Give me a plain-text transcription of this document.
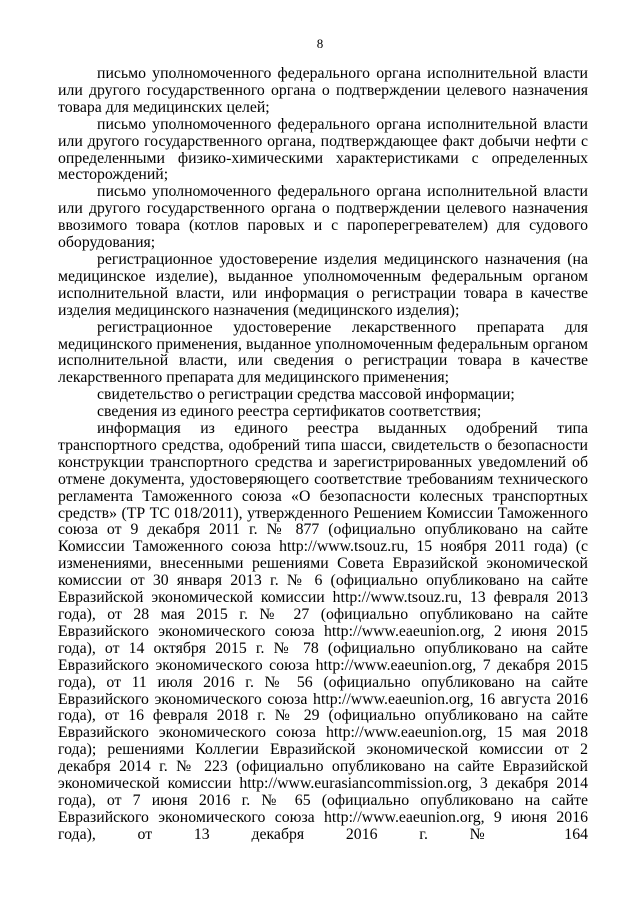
8

письмо уполномоченного федерального органа исполнительной власти или другого государственного органа о подтверждении целевого назначения товара для медицинских целей;

письмо уполномоченного федерального органа исполнительной власти или другого государственного органа, подтверждающее факт добычи нефти с определенными физико-химическими характеристиками с определенных месторождений;

письмо уполномоченного федерального органа исполнительной власти или другого государственного органа о подтверждении целевого назначения ввозимого товара (котлов паровых и с пароперегревателем) для судового оборудования;

регистрационное удостоверение изделия медицинского назначения (на медицинское изделие), выданное уполномоченным федеральным органом исполнительной власти, или информация о регистрации товара в качестве изделия медицинского назначения (медицинского изделия);

регистрационное удостоверение лекарственного препарата для медицинского применения, выданное уполномоченным федеральным органом исполнительной власти, или сведения о регистрации товара в качестве лекарственного препарата для медицинского применения;

свидетельство о регистрации средства массовой информации;

сведения из единого реестра сертификатов соответствия;

информация из единого реестра выданных одобрений типа транспортного средства, одобрений типа шасси, свидетельств о безопасности конструкции транспортного средства и зарегистрированных уведомлений об отмене документа, удостоверяющего соответствие требованиям технического регламента Таможенного союза «О безопасности колесных транспортных средств» (ТР ТС 018/2011), утвержденного Решением Комиссии Таможенного союза от 9 декабря 2011 г. № 877 (официально опубликовано на сайте Комиссии Таможенного союза http://www.tsouz.ru, 15 ноября 2011 года) (с изменениями, внесенными решениями Совета Евразийской экономической комиссии от 30 января 2013 г. № 6 (официально опубликовано на сайте Евразийской экономической комиссии http://www.tsouz.ru, 13 февраля 2013 года), от 28 мая 2015 г. № 27 (официально опубликовано на сайте Евразийского экономического союза http://www.eaeunion.org, 2 июня 2015 года), от 14 октября 2015 г. № 78 (официально опубликовано на сайте Евразийского экономического союза http://www.eaeunion.org, 7 декабря 2015 года), от 11 июля 2016 г. № 56 (официально опубликовано на сайте Евразийского экономического союза http://www.eaeunion.org, 16 августа 2016 года), от 16 февраля 2018 г. № 29 (официально опубликовано на сайте Евразийского экономического союза http://www.eaeunion.org, 15 мая 2018 года); решениями Коллегии Евразийской экономической комиссии от 2 декабря 2014 г. № 223 (официально опубликовано на сайте Евразийской экономической комиссии http://www.eurasiancommission.org, 3 декабря 2014 года), от 7 июня 2016 г. № 65 (официально опубликовано на сайте Евразийского экономического союза http://www.eaeunion.org, 9 июня 2016 года), от 13 декабря 2016 г. № 164
